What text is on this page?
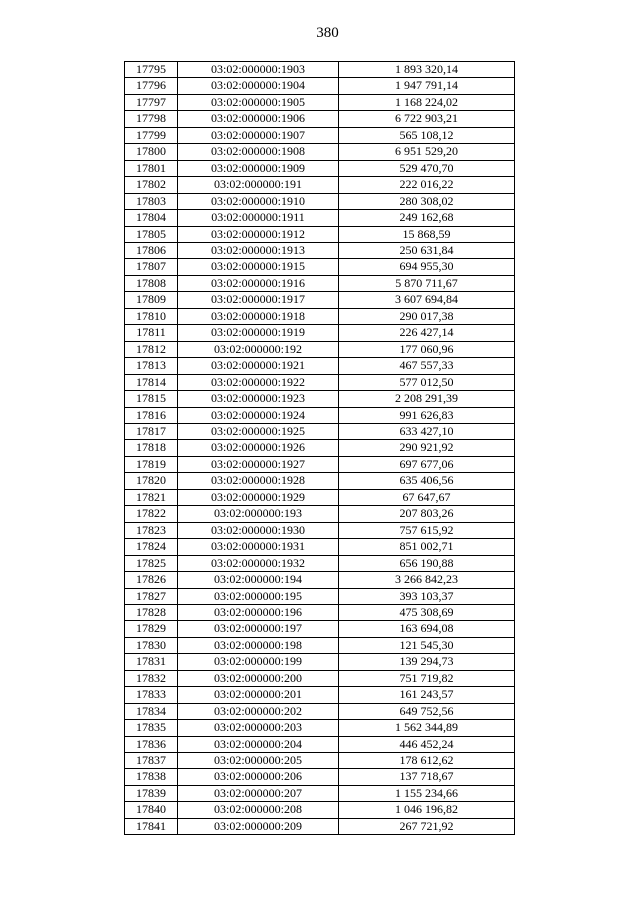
380
17795	03:02:000000:1903	1 893 320,14
17796	03:02:000000:1904	1 947 791,14
17797	03:02:000000:1905	1 168 224,02
17798	03:02:000000:1906	6 722 903,21
17799	03:02:000000:1907	565 108,12
17800	03:02:000000:1908	6 951 529,20
17801	03:02:000000:1909	529 470,70
17802	03:02:000000:191	222 016,22
17803	03:02:000000:1910	280 308,02
17804	03:02:000000:1911	249 162,68
17805	03:02:000000:1912	15 868,59
17806	03:02:000000:1913	250 631,84
17807	03:02:000000:1915	694 955,30
17808	03:02:000000:1916	5 870 711,67
17809	03:02:000000:1917	3 607 694,84
17810	03:02:000000:1918	290 017,38
17811	03:02:000000:1919	226 427,14
17812	03:02:000000:192	177 060,96
17813	03:02:000000:1921	467 557,33
17814	03:02:000000:1922	577 012,50
17815	03:02:000000:1923	2 208 291,39
17816	03:02:000000:1924	991 626,83
17817	03:02:000000:1925	633 427,10
17818	03:02:000000:1926	290 921,92
17819	03:02:000000:1927	697 677,06
17820	03:02:000000:1928	635 406,56
17821	03:02:000000:1929	67 647,67
17822	03:02:000000:193	207 803,26
17823	03:02:000000:1930	757 615,92
17824	03:02:000000:1931	851 002,71
17825	03:02:000000:1932	656 190,88
17826	03:02:000000:194	3 266 842,23
17827	03:02:000000:195	393 103,37
17828	03:02:000000:196	475 308,69
17829	03:02:000000:197	163 694,08
17830	03:02:000000:198	121 545,30
17831	03:02:000000:199	139 294,73
17832	03:02:000000:200	751 719,82
17833	03:02:000000:201	161 243,57
17834	03:02:000000:202	649 752,56
17835	03:02:000000:203	1 562 344,89
17836	03:02:000000:204	446 452,24
17837	03:02:000000:205	178 612,62
17838	03:02:000000:206	137 718,67
17839	03:02:000000:207	1 155 234,66
17840	03:02:000000:208	1 046 196,82
17841	03:02:000000:209	267 721,92
